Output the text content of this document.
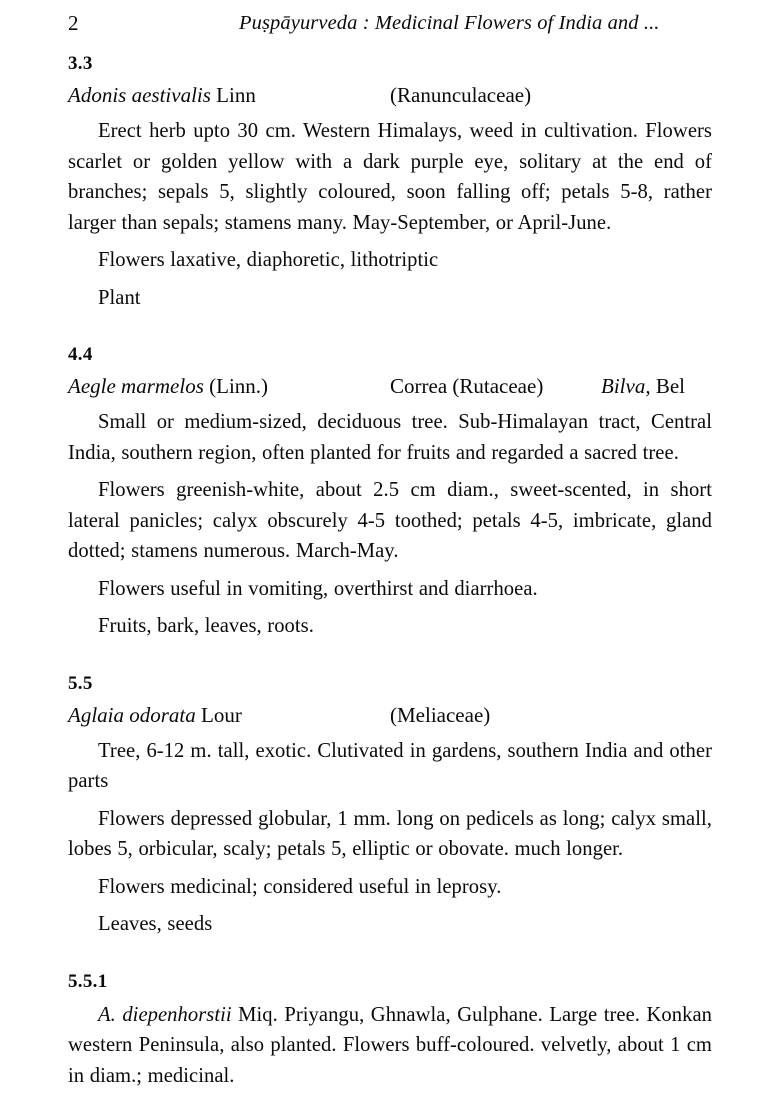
2	Puṣpāyurveda : Medicinal Flowers of India and ...
3.3
Adonis aestivalis Linn	(Ranunculaceae)

Erect herb upto 30 cm. Western Himalays, weed in cultivation. Flowers scarlet or golden yellow with a dark purple eye, solitary at the end of branches; sepals 5, slightly coloured, soon falling off; petals 5-8, rather larger than sepals; stamens many. May-September, or April-June.

Flowers laxative, diaphoretic, lithotriptic

Plant

4.4
Aegle marmelos (Linn.)	Correa (Rutaceae)	Bilva, Bel

Small or medium-sized, deciduous tree. Sub-Himalayan tract, Central India, southern region, often planted for fruits and regarded a sacred tree.

Flowers greenish-white, about 2.5 cm diam., sweet-scented, in short lateral panicles; calyx obscurely 4-5 toothed; petals 4-5, imbricate, gland dotted; stamens numerous. March-May.

Flowers useful in vomiting, overthirst and diarrhoea.

Fruits, bark, leaves, roots.

5.5
Aglaia odorata Lour	(Meliaceae)

Tree, 6-12 m. tall, exotic. Clutivated in gardens, southern India and other parts

Flowers depressed globular, 1 mm. long on pedicels as long; calyx small, lobes 5, orbicular, scaly; petals 5, elliptic or obovate. much longer.

Flowers medicinal; considered useful in leprosy.

Leaves, seeds

5.5.1

A. diepenhorstii Miq. Priyangu, Ghnawla, Gulphane. Large tree. Konkan western Peninsula, also planted. Flowers buff-coloured. velvetly, about 1 cm in diam.; medicinal.
